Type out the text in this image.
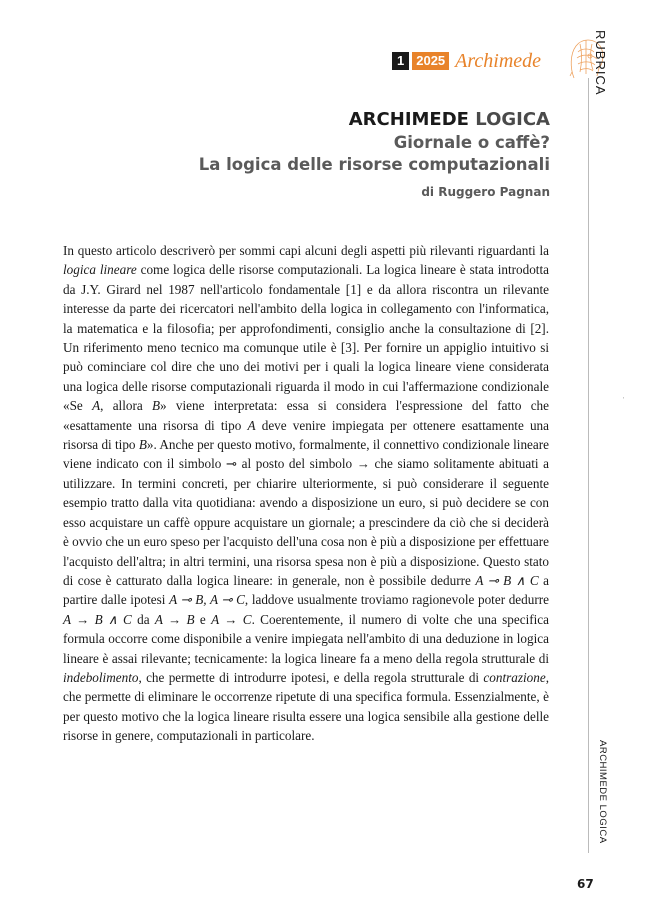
1 2025 Archimede	RUBRICA
ARCHIMEDE LOGICA
ˌ
ARCHIMEDE LOGICA
Giornale o caffè?
La logica delle risorse computazionali
di Ruggero Pagnan

In questo articolo descriverò per sommi capi alcuni degli aspetti più rilevanti riguardanti la logica lineare come logica delle risorse computazionali. La logica lineare è stata introdotta da J.Y. Girard nel 1987 nell'articolo fondamentale [1] e da allora riscontra un rilevante interesse da parte dei ricercatori nell'ambito della logica in collegamento con l'informatica, la matematica e la filosofia; per approfondimenti, consiglio anche la consultazione di [2]. Un riferimento meno tecnico ma comunque utile è [3]. Per fornire un appiglio intuitivo si può cominciare col dire che uno dei motivi per i quali la logica lineare viene considerata una logica delle risorse computazionali riguarda il modo in cui l'affermazione condizionale «Se A, allora B» viene interpretata: essa si considera l'espressione del fatto che «esattamente una risorsa di tipo A deve venire impiegata per ottenere esattamente una risorsa di tipo B». Anche per questo motivo, formalmente, il connettivo condizionale lineare viene indicato con il simbolo ⊸ al posto del simbolo → che siamo solitamente abituati a utilizzare. In termini concreti, per chiarire ulteriormente, si può considerare il seguente esempio tratto dalla vita quotidiana: avendo a disposizione un euro, si può decidere se con esso acquistare un caffè oppure acquistare un giornale; a prescindere da ciò che si deciderà è ovvio che un euro speso per l'acquisto dell'una cosa non è più a disposizione per effettuare l'acquisto dell'altra; in altri termini, una risorsa spesa non è più a disposizione. Questo stato di cose è catturato dalla logica lineare: in generale, non è possibile dedurre A ⊸ B ∧ C a partire dalle ipotesi A ⊸ B, A ⊸ C, laddove usualmente troviamo ragionevole poter dedurre A → B ∧ C da A → B e A → C. Coerentemente, il numero di volte che una specifica formula occorre come disponibile a venire impiegata nell'ambito di una deduzione in logica lineare è assai rilevante; tecnicamente: la logica lineare fa a meno della regola strutturale di indebolimento, che permette di introdurre ipotesi, e della regola strutturale di contrazione, che permette di eliminare le occorrenze ripetute di una specifica formula. Essenzialmente, è per questo motivo che la logica lineare risulta essere una logica sensibile alla gestione delle risorse in genere, computazionali in particolare.

67
